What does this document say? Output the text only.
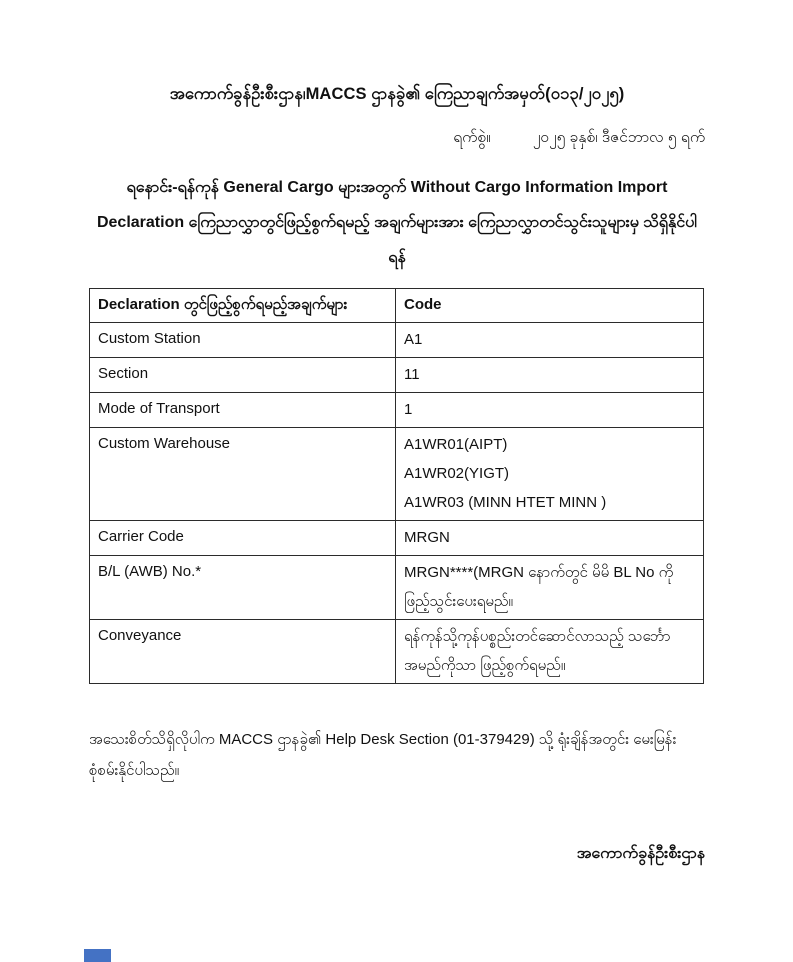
အကောက်ခွန်ဦးစီးဌာန၊MACCS ဌာနခွဲ၏ ကြေညာချက်အမှတ်(၀၁၃/၂၀၂၅)
ရက်စွဲ။	၂၀၂၅ ခုနှစ်၊ ဒီဇင်ဘာလ ၅ ရက်

ရနောင်း-ရန်ကုန် General Cargo များအတွက် Without Cargo Information Import Declaration ကြေညာလွှာတွင်ဖြည့်စွက်ရမည့် အချက်များအား ကြေညာလွှာတင်သွင်းသူများမှ သိရှိနိုင်ပါရန်

Declaration တွင်ဖြည့်စွက်ရမည့်အချက်များ	Code
Custom Station	A1

Section	11

Mode of Transport	1

Custom Warehouse	A1WR01(AIPT)
A1WR02(YIGT)
A1WR03 (MINN HTET MINN )

Carrier Code	MRGN

B/L (AWB) No.*	MRGN****(MRGN နောက်တွင် မိမိ BL No ကို ဖြည့်သွင်းပေးရမည်။

Conveyance	ရန်ကုန်သို့ကုန်ပစ္စည်းတင်ဆောင်လာသည့် သင်္ဘောအမည်ကိုသာ ဖြည့်စွက်ရမည်။

အသေးစိတ်သိရှိလိုပါက MACCS ဌာနခွဲ၏ Help Desk Section (01-379429) သို့ ရုံးချိန်အတွင်း မေးမြန်းစုံစမ်းနိုင်ပါသည်။

အကောက်ခွန်ဦးစီးဌာန
